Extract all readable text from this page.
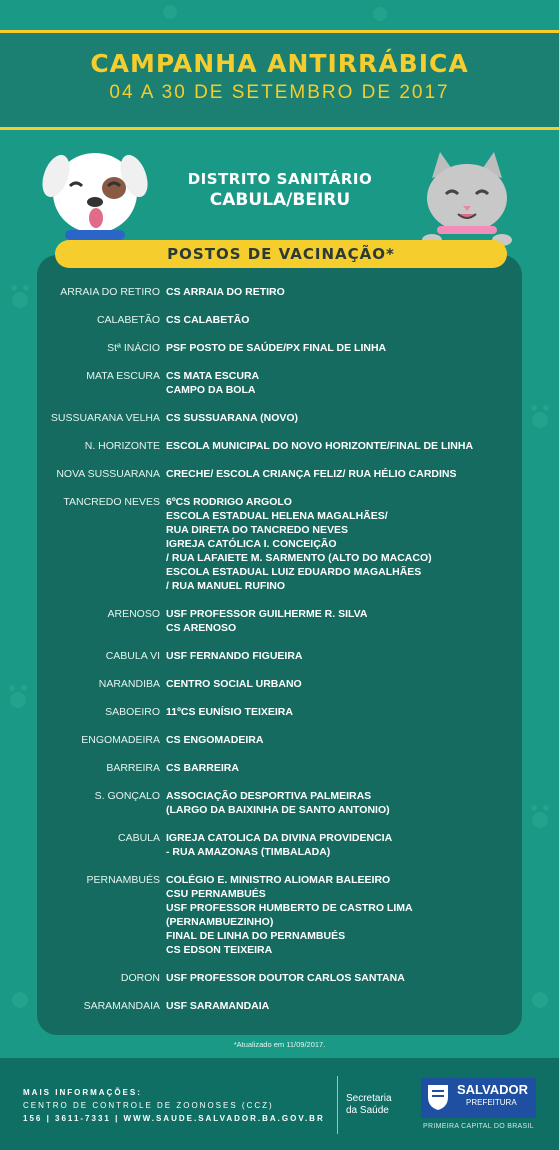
CAMPANHA ANTIRRÁBICA
04 A 30 DE SETEMBRO DE 2017
DISTRITO SANITÁRIO
CABULA/BEIRU
POSTOS DE VACINAÇÃO*
ARRAIA DO RETIRO CS ARRAIA DO RETIRO
CALABETÃO CS CALABETÃO
Stª INÁCIO PSF POSTO DE SAÚDE/PX FINAL DE LINHA
MATA ESCURA CS MATA ESCURA
CAMPO DA BOLA
SUSSUARANA VELHA CS SUSSUARANA (NOVO)
N. HORIZONTE ESCOLA MUNICIPAL DO NOVO HORIZONTE/FINAL DE LINHA
NOVA SUSSUARANA CRECHE/ ESCOLA CRIANÇA FELIZ/ RUA HÉLIO CARDINS
TANCREDO NEVES 6ºCS RODRIGO ARGOLO
ESCOLA ESTADUAL HELENA MAGALHÃES/
RUA DIRETA DO TANCREDO NEVES
IGREJA CATÓLICA I. CONCEIÇÃO
/ RUA LAFAIETE M. SARMENTO (ALTO DO MACACO)
ESCOLA ESTADUAL LUIZ EDUARDO MAGALHÃES
/ RUA MANUEL RUFINO
ARENOSO USF PROFESSOR GUILHERME R. SILVA
CS ARENOSO
CABULA VI USF FERNANDO FIGUEIRA
NARANDIBA CENTRO SOCIAL URBANO
SABOEIRO 11ºCS EUNÍSIO TEIXEIRA
ENGOMADEIRA CS ENGOMADEIRA
BARREIRA CS BARREIRA
S. GONÇALO ASSOCIAÇÃO DESPORTIVA PALMEIRAS
(LARGO DA BAIXINHA DE SANTO ANTONIO)
CABULA IGREJA CATOLICA DA DIVINA PROVIDENCIA
- RUA AMAZONAS (TIMBALADA)
PERNAMBUÉS COLÉGIO E. MINISTRO ALIOMAR BALEEIRO
CSU PERNAMBUÉS
USF PROFESSOR HUMBERTO DE CASTRO LIMA
(PERNAMBUEZINHO)
FINAL DE LINHA DO PERNAMBUÉS
CS EDSON TEIXEIRA
DORON USF PROFESSOR DOUTOR CARLOS SANTANA
SARAMANDAIA USF SARAMANDAIA
*Atualizado em 11/09/2017.
MAIS INFORMAÇÕES:
CENTRO DE CONTROLE DE ZOONOSES (CCZ)
156 | 3611-7331 | WWW.SAUDE.SALVADOR.BA.GOV.BR
Secretaria
da Saúde
SALVADOR
PREFEITURA
PRIMEIRA CAPITAL DO BRASIL
